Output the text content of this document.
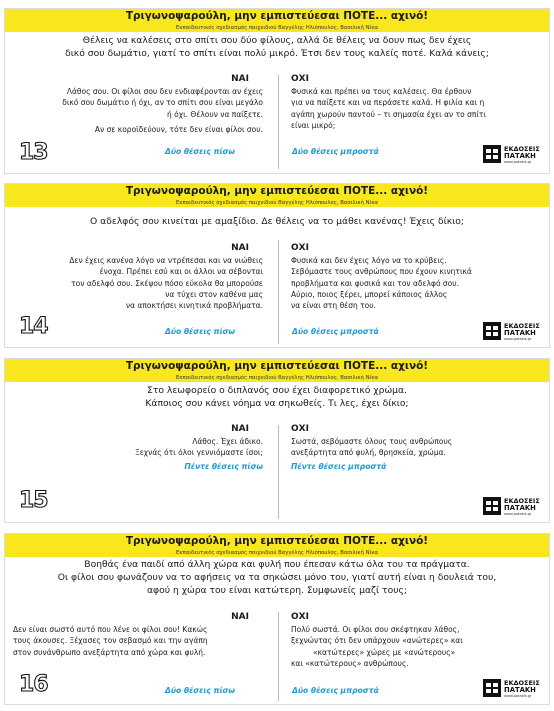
Τριγωνοψαρούλη, μην εμπιστεύεσαι ΠΟΤΕ... αχινό!
Εκπαιδευτικός σχεδιασμός παιχνιδιού Βαγγέλης Ηλιόπουλος, Βασιλική Νίκα
Θέλεις να καλέσεις στο σπίτι σου δύο φίλους, αλλά δε θέλεις να δουν πως δεν έχεις
δικό σου δωμάτιο, γιατί το σπίτι είναι πολύ μικρό. Έτσι δεν τους καλείς ποτέ. Καλά κάνεις;
ΝΑΙ
Λάθος σου. Οι φίλοι σου δεν ενδιαφέρονται αν έχεις
δικό σου δωμάτιο ή όχι, αν το σπίτι σου είναι μεγάλο
ή όχι. Θέλουν να παίξετε.
Αν σε κοροϊδεύουν, τότε δεν είναι φίλοι σου.
ΟΧΙ
Φυσικά και πρέπει να τους καλέσεις. Θα έρθουν
για να παίξετε και να περάσετε καλά. Η φιλία και η
αγάπη χωρούν παντού – τι σημασία έχει αν το σπίτι
είναι μικρό;
13	Δύο θέσεις πίσω	Δύο θέσεις μπροστά	ΕΚΔΟΣΕΙΣ
ΠΑΤΑΚΗ
www.patakis.gr
Τριγωνοψαρούλη, μην εμπιστεύεσαι ΠΟΤΕ... αχινό!
Εκπαιδευτικός σχεδιασμός παιχνιδιού Βαγγέλης Ηλιόπουλος, Βασιλική Νίκα
Ο αδελφός σου κινείται με αμαξίδιο. Δε θέλεις να το μάθει κανένας! Έχεις δίκιο;
ΝΑΙ
Δεν έχεις κανένα λόγο να ντρέπεσαι και να νιώθεις
ένοχα. Πρέπει εσύ και οι άλλοι να σέβονται
τον αδελφό σου. Σκέψου πόσο εύκολα θα μπορούσε
να τύχει στον καθένα μας
να αποκτήσει κινητικά προβλήματα.
ΟΧΙ
Φυσικά και δεν έχεις λόγο να το κρύβεις.
Σεβόμαστε τους ανθρώπους που έχουν κινητικά
προβλήματα και φυσικά και τον αδελφό σου.
Αύριο, ποιος ξέρει, μπορεί κάποιος άλλος
να είναι στη θέση του.
14	Δύο θέσεις πίσω	Δύο θέσεις μπροστά
ΕΚΔΟΣΕΙΣ
ΠΑΤΑΚΗ
www.patakis.gr
Τριγωνοψαρούλη, μην εμπιστεύεσαι ΠΟΤΕ... αχινό!
Εκπαιδευτικός σχεδιασμός παιχνιδιού Βαγγέλης Ηλιόπουλος, Βασιλική Νίκα
Στο λεωφορείο ο διπλανός σου έχει διαφορετικό χρώμα.
Κάποιος σου κάνει νόημα να σηκωθείς. Τι λες, έχει δίκιο;
ΝΑΙ
Λάθος. Έχει άδικο.
Ξεχνάς ότι όλοι γεννιόμαστε ίσοι;
Πέντε θέσεις πίσω
ΟΧΙ
Σωστά, σεβόμαστε όλους τους ανθρώπους
ανεξάρτητα από φυλή, θρησκεία, χρώμα.
Πέντε θέσεις μπροστά
15	ΕΚΔΟΣΕΙΣ
ΠΑΤΑΚΗ
www.patakis.gr
Τριγωνοψαρούλη, μην εμπιστεύεσαι ΠΟΤΕ... αχινό!
Εκπαιδευτικός σχεδιασμός παιχνιδιού Βαγγέλης Ηλιόπουλος, Βασιλική Νίκα
Βοηθάς ένα παιδί από άλλη χώρα και φυλή που έπεσαν κάτω όλα του τα πράγματα.
Οι φίλοι σου φωνάζουν να το αφήσεις να τα σηκώσει μόνο του, γιατί αυτή είναι η δουλειά του,
αφού η χώρα του είναι κατώτερη. Συμφωνείς μαζί τους;
ΝΑΙ
Δεν είναι σωστό αυτό που λένε οι φίλοι σου! Κακώς
τους άκουσες. Ξέχασες τον σεβασμό και την αγάπη
στον συνάνθρωπο ανεξάρτητα από χώρα και φυλή.
ΟΧΙ
Πολύ σωστά. Οι φίλοι σου σκέφτηκαν λάθος,
ξεχνώντας ότι δεν υπάρχουν «ανώτερες» και
«κατώτερες» χώρες με «ανώτερους»
και «κατώτερους» ανθρώπους.
16	Δύο θέσεις πίσω	Δύο θέσεις μπροστά
ΕΚΔΟΣΕΙΣ
ΠΑΤΑΚΗ
www.patakis.gr
